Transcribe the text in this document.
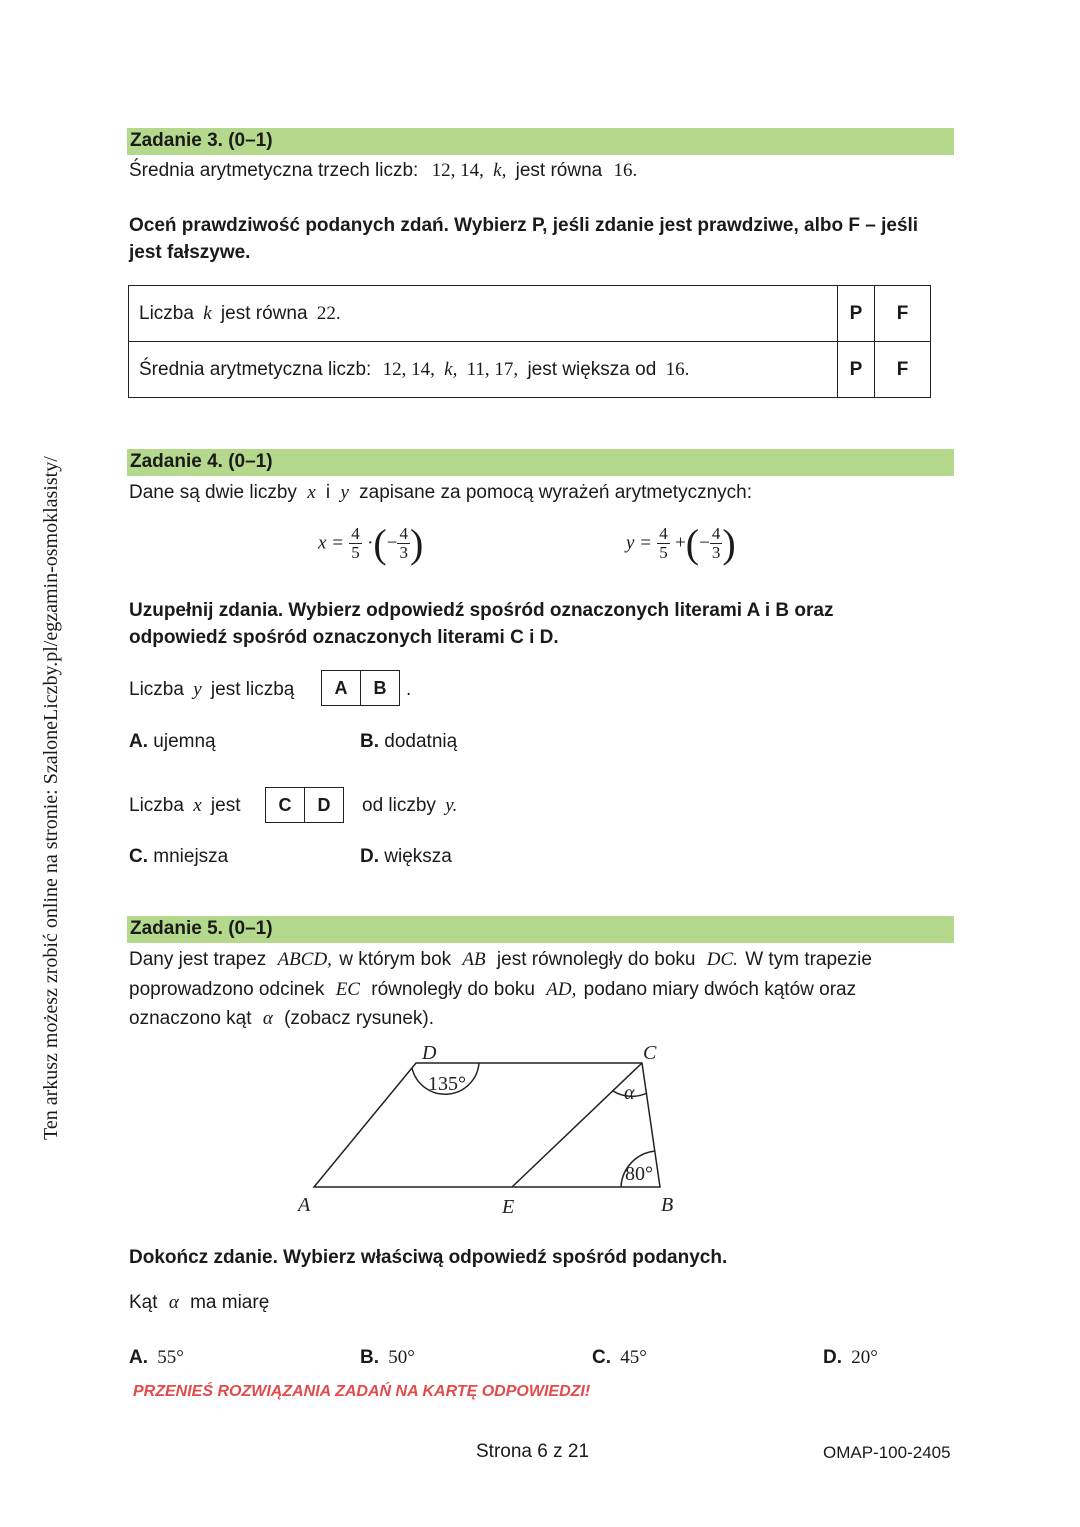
Ten arkusz możesz zrobić online na stronie: SzaloneLiczby.pl/egzamin-osmoklasisty/
Zadanie 3. (0–1)
Średnia arytmetyczna trzech liczb: 12, 14, k, jest równa 16.
Oceń prawdziwość podanych zdań. Wybierz P, jeśli zdanie jest prawdziwe, albo F – jeśli jest fałszywe.
Liczba k jest równa 22.	P	F
Średnia arytmetyczna liczb: 12, 14, k, 11, 17, jest większa od 16.	P	F
Zadanie 4. (0–1)
Dane są dwie liczby x i y zapisane za pomocą wyrażeń arytmetycznych:
$x = \frac{4}{5}$ ·(− $\frac{4}{3}$ )	$y = \frac{4}{5}$ +(− $\frac{4}{3}$ )
Uzupełnij zdania. Wybierz odpowiedź spośród oznaczonych literami A i B oraz odpowiedź spośród oznaczonych literami C i D.
Liczba y jest liczbą	A	B	.
A. ujemną	B. dodatnią
Liczba x jest	C	D	od liczby y.
C. mniejsza	D. większa
Zadanie 5. (0–1)
Dany jest trapez ABCD, w którym bok AB jest równoległy do boku DC. W tym trapezie
poprowadzono odcinek EC równoległy do boku AD, podano miary dwóch kątów oraz
oznaczono kąt α (zobacz rysunek).
D	C
A	E	B
135°	α
80°
Dokończ zdanie. Wybierz właściwą odpowiedź spośród podanych.
Kąt α ma miarę
A. 55°	B. 50°	C. 45°	D. 20°
PRZENIEŚ ROZWIĄZANIA ZADAŃ NA KARTĘ ODPOWIEDZI!
Strona 6 z 21	OMAP-100-2405
